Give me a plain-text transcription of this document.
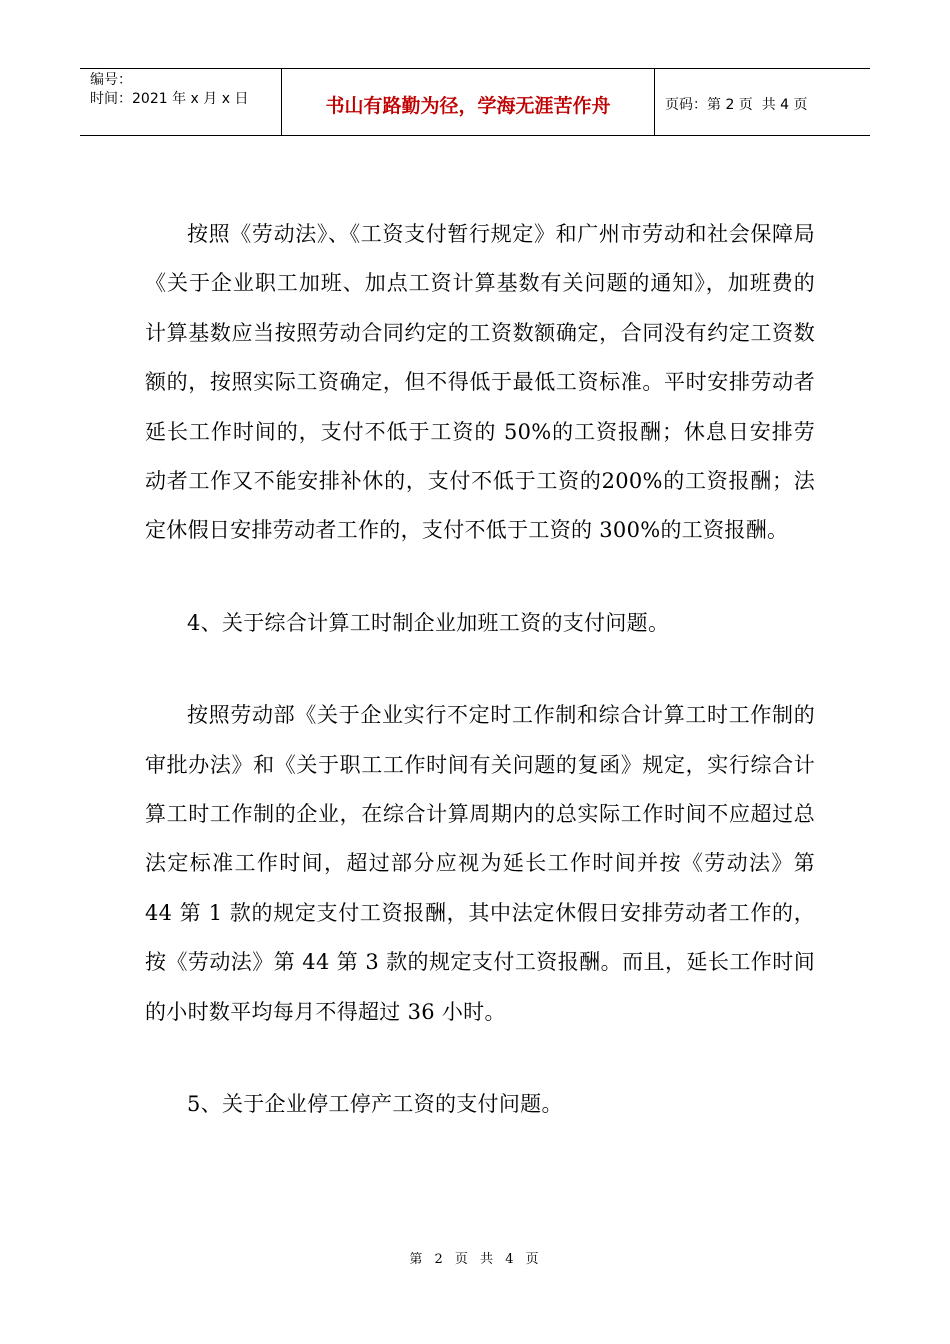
编号：
时间：2021 年 x 月 x 日	书山有路勤为径，学海无涯苦作舟	页码：第 2 页  共 4 页

按照《劳动法》、《工资支付暂行规定》和广州市劳动和社会保障局《关于企业职工加班、加点工资计算基数有关问题的通知》，加班费的计算基数应当按照劳动合同约定的工资数额确定，合同没有约定工资数额的，按照实际工资确定，但不得低于最低工资标准。平时安排劳动者延长工作时间的，支付不低于工资的 50%的工资报酬；休息日安排劳动者工作又不能安排补休的，支付不低于工资的200%的工资报酬；法定休假日安排劳动者工作的，支付不低于工资的 300%的工资报酬。

4、关于综合计算工时制企业加班工资的支付问题。

按照劳动部《关于企业实行不定时工作制和综合计算工时工作制的审批办法》和《关于职工工作时间有关问题的复函》规定，实行综合计算工时工作制的企业，在综合计算周期内的总实际工作时间不应超过总法定标准工作时间，超过部分应视为延长工作时间并按《劳动法》第 44 第 1 款的规定支付工资报酬，其中法定休假日安排劳动者工作的，按《劳动法》第 44 第 3 款的规定支付工资报酬。而且，延长工作时间的小时数平均每月不得超过 36 小时。

5、关于企业停工停产工资的支付问题。

第 2 页 共 4 页
